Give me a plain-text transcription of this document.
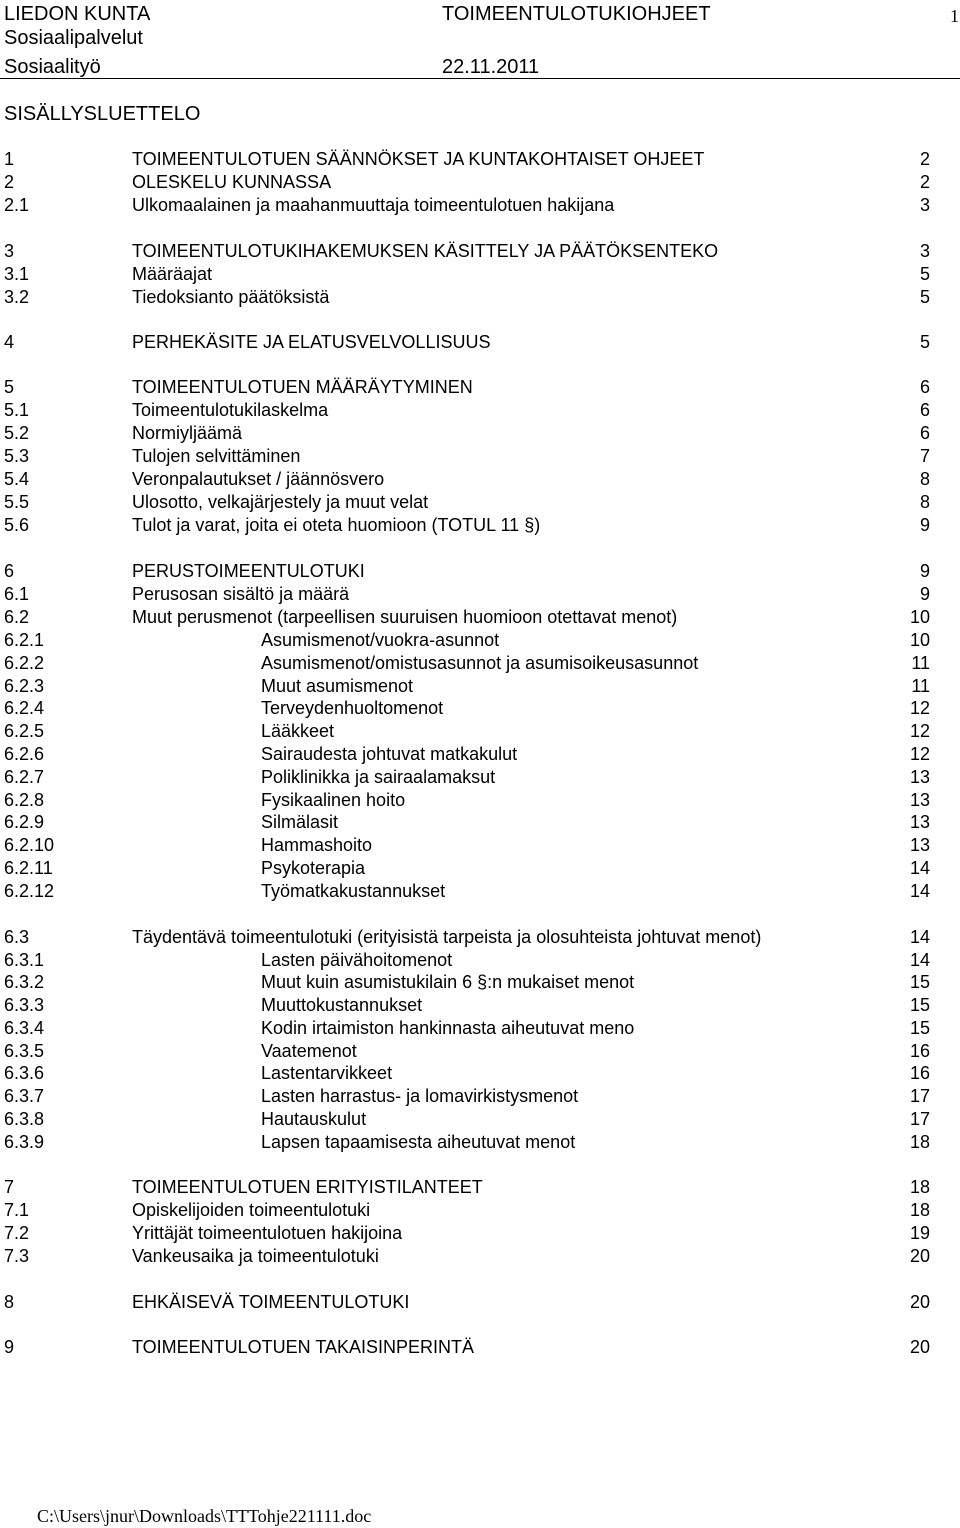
LIEDON KUNTA	TOIMEENTULOTUKIOHJEET	1
Sosiaalipalvelut
Sosiaalityö	22.11.2011
SISÄLLYSLUETTELO
1	TOIMEENTULOTUEN SÄÄNNÖKSET JA KUNTAKOHTAISET OHJEET	2
2	OLESKELU KUNNASSA	2
2.1	Ulkomaalainen ja maahanmuuttaja toimeentulotuen hakijana	3
3	TOIMEENTULOTUKIHAKEMUKSEN KÄSITTELY JA PÄÄTÖKSENTEKO	3
3.1	Määräajat	5
3.2	Tiedoksianto päätöksistä	5
4	PERHEKÄSITE JA ELATUSVELVOLLISUUS	5
5	TOIMEENTULOTUEN MÄÄRÄYTYMINEN	6
5.1	Toimeentulotukilaskelma	6
5.2	Normiyljäämä	6
5.3	Tulojen selvittäminen	7
5.4	Veronpalautukset / jäännösvero	8
5.5	Ulosotto, velkajärjestely ja muut velat	8
5.6	Tulot ja varat, joita ei oteta huomioon (TOTUL 11 §)	9
6	PERUSTOIMEENTULOTUKI	9
6.1	Perusosan sisältö ja määrä	9
6.2	Muut perusmenot (tarpeellisen suuruisen huomioon otettavat menot)	10
6.2.1	Asumismenot/vuokra-asunnot	10
6.2.2	Asumismenot/omistusasunnot ja asumisoikeusasunnot	11
6.2.3	Muut asumismenot	11
6.2.4	Terveydenhuoltomenot	12
6.2.5	Lääkkeet	12
6.2.6	Sairaudesta johtuvat matkakulut	12
6.2.7	Poliklinikka ja sairaalamaksut	13
6.2.8	Fysikaalinen hoito	13
6.2.9	Silmälasit	13
6.2.10	Hammashoito	13
6.2.11	Psykoterapia	14
6.2.12	Työmatkakustannukset	14
6.3	Täydentävä toimeentulotuki (erityisistä tarpeista ja olosuhteista johtuvat menot)	14
6.3.1	Lasten päivähoitomenot	14
6.3.2	Muut kuin asumistukilain 6 §:n mukaiset menot	15
6.3.3	Muuttokustannukset	15
6.3.4	Kodin irtaimiston hankinnasta aiheutuvat meno	15
6.3.5	Vaatemenot	16
6.3.6	Lastentarvikkeet	16
6.3.7	Lasten harrastus- ja lomavirkistysmenot	17
6.3.8	Hautauskulut	17
6.3.9	Lapsen tapaamisesta aiheutuvat menot	18
7	TOIMEENTULOTUEN ERITYISTILANTEET	18
7.1	Opiskelijoiden toimeentulotuki	18
7.2	Yrittäjät toimeentulotuen hakijoina	19
7.3	Vankeusaika ja toimeentulotuki	20
8	EHKÄISEVÄ TOIMEENTULOTUKI	20
9	TOIMEENTULOTUEN TAKAISINPERINTÄ	20
C:\Users\jnur\Downloads\TTTohje221111.doc
